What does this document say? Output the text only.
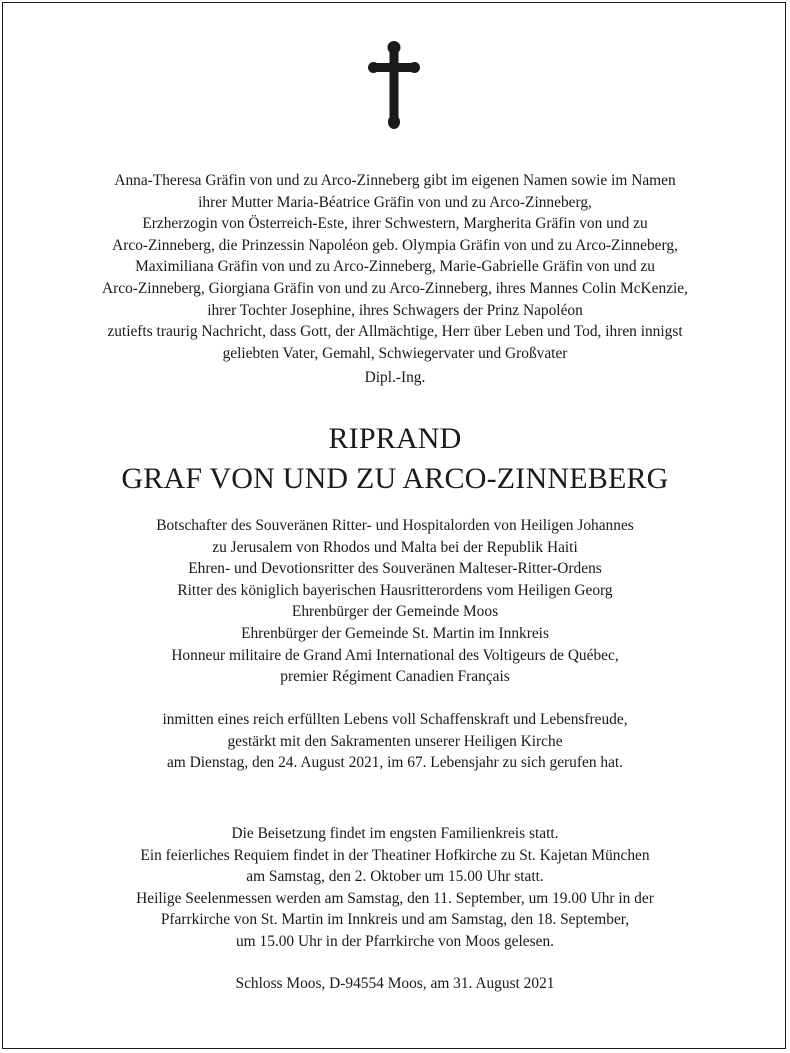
Anna-Theresa Gräfin von und zu Arco-Zinneberg gibt im eigenen Namen sowie im Namen
ihrer Mutter Maria-Béatrice Gräfin von und zu Arco-Zinneberg,
Erzherzogin von Österreich-Este, ihrer Schwestern, Margherita Gräfin von und zu
Arco-Zinneberg, die Prinzessin Napoléon geb. Olympia Gräfin von und zu Arco-Zinneberg,
Maximiliana Gräfin von und zu Arco-Zinneberg, Marie-Gabrielle Gräfin von und zu
Arco-Zinneberg, Giorgiana Gräfin von und zu Arco-Zinneberg, ihres Mannes Colin McKenzie,
ihrer Tochter Josephine, ihres Schwagers der Prinz Napoléon
zutiefts traurig Nachricht, dass Gott, der Allmächtige, Herr über Leben und Tod, ihren innigst
geliebten Vater, Gemahl, Schwiegervater und Großvater
Dipl.-Ing.
RIPRAND
GRAF VON UND ZU ARCO-ZINNEBERG
Botschafter des Souveränen Ritter- und Hospitalorden von Heiligen Johannes
zu Jerusalem von Rhodos und Malta bei der Republik Haiti
Ehren- und Devotionsritter des Souveränen Malteser-Ritter-Ordens
Ritter des königlich bayerischen Hausritterordens vom Heiligen Georg
Ehrenbürger der Gemeinde Moos
Ehrenbürger der Gemeinde St. Martin im Innkreis
Honneur militaire de Grand Ami International des Voltigeurs de Québec,
premier Régiment Canadien Français
inmitten eines reich erfüllten Lebens voll Schaffenskraft und Lebensfreude,
gestärkt mit den Sakramenten unserer Heiligen Kirche
am Dienstag, den 24. August 2021, im 67. Lebensjahr zu sich gerufen hat.
Die Beisetzung findet im engsten Familienkreis statt.
Ein feierliches Requiem findet in der Theatiner Hofkirche zu St. Kajetan München
am Samstag, den 2. Oktober um 15.00 Uhr statt.
Heilige Seelenmessen werden am Samstag, den 11. September, um 19.00 Uhr in der
Pfarrkirche von St. Martin im Innkreis und am Samstag, den 18. September,
um 15.00 Uhr in der Pfarrkirche von Moos gelesen.
Schloss Moos, D-94554 Moos, am 31. August 2021
